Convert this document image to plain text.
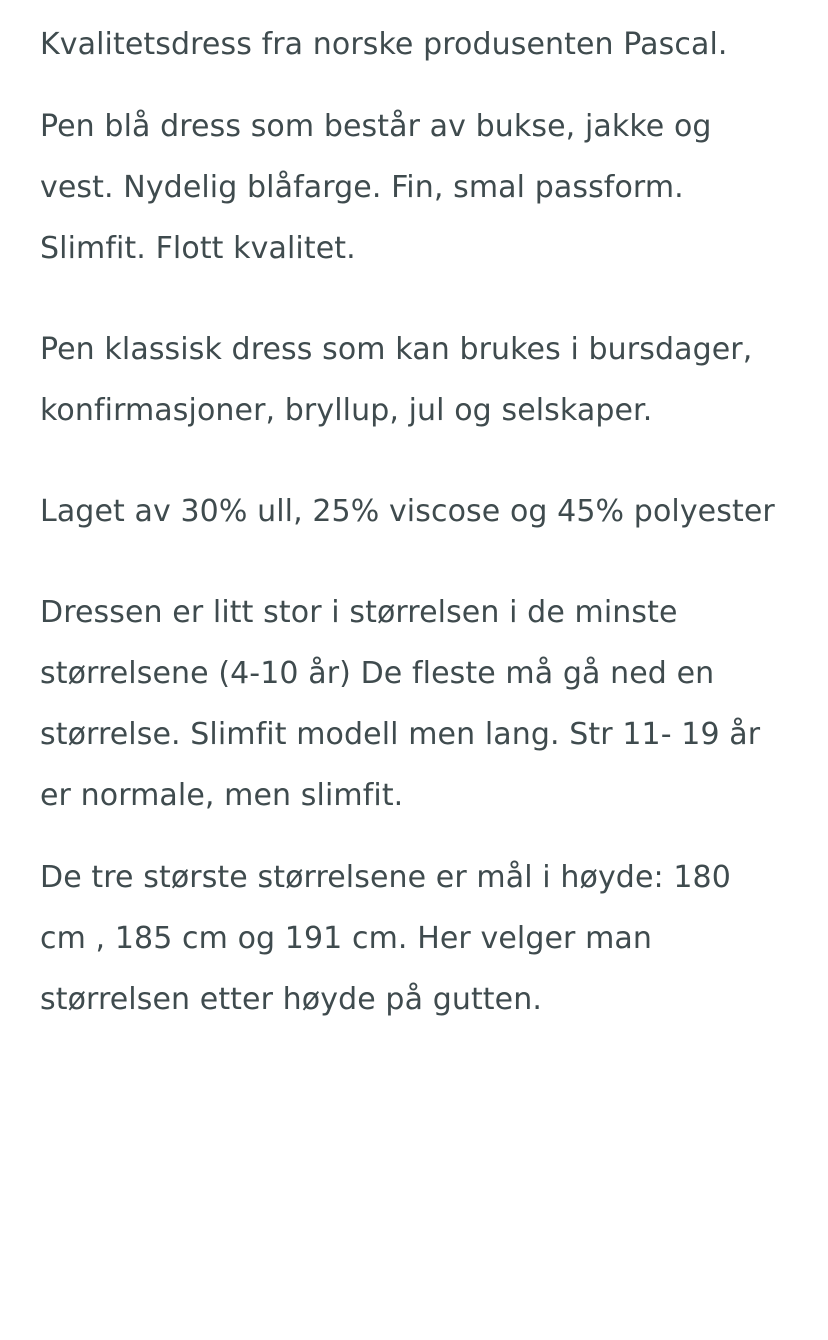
Kvalitetsdress fra norske produsenten Pascal.

Pen blå dress som består av bukse, jakke og vest. Nydelig blåfarge. Fin, smal passform. Slimfit. Flott kvalitet.

Pen klassisk dress som kan brukes i bursdager, konfirmasjoner, bryllup, jul og selskaper.

Laget av 30% ull, 25% viscose og 45% polyester

Dressen er litt stor i størrelsen i de minste størrelsene (4-10 år) De fleste må gå ned en størrelse. Slimfit modell men lang. Str 11- 19 år er normale, men slimfit.

De tre største størrelsene er mål i høyde: 180 cm , 185 cm og 191 cm. Her velger man størrelsen etter høyde på gutten.
